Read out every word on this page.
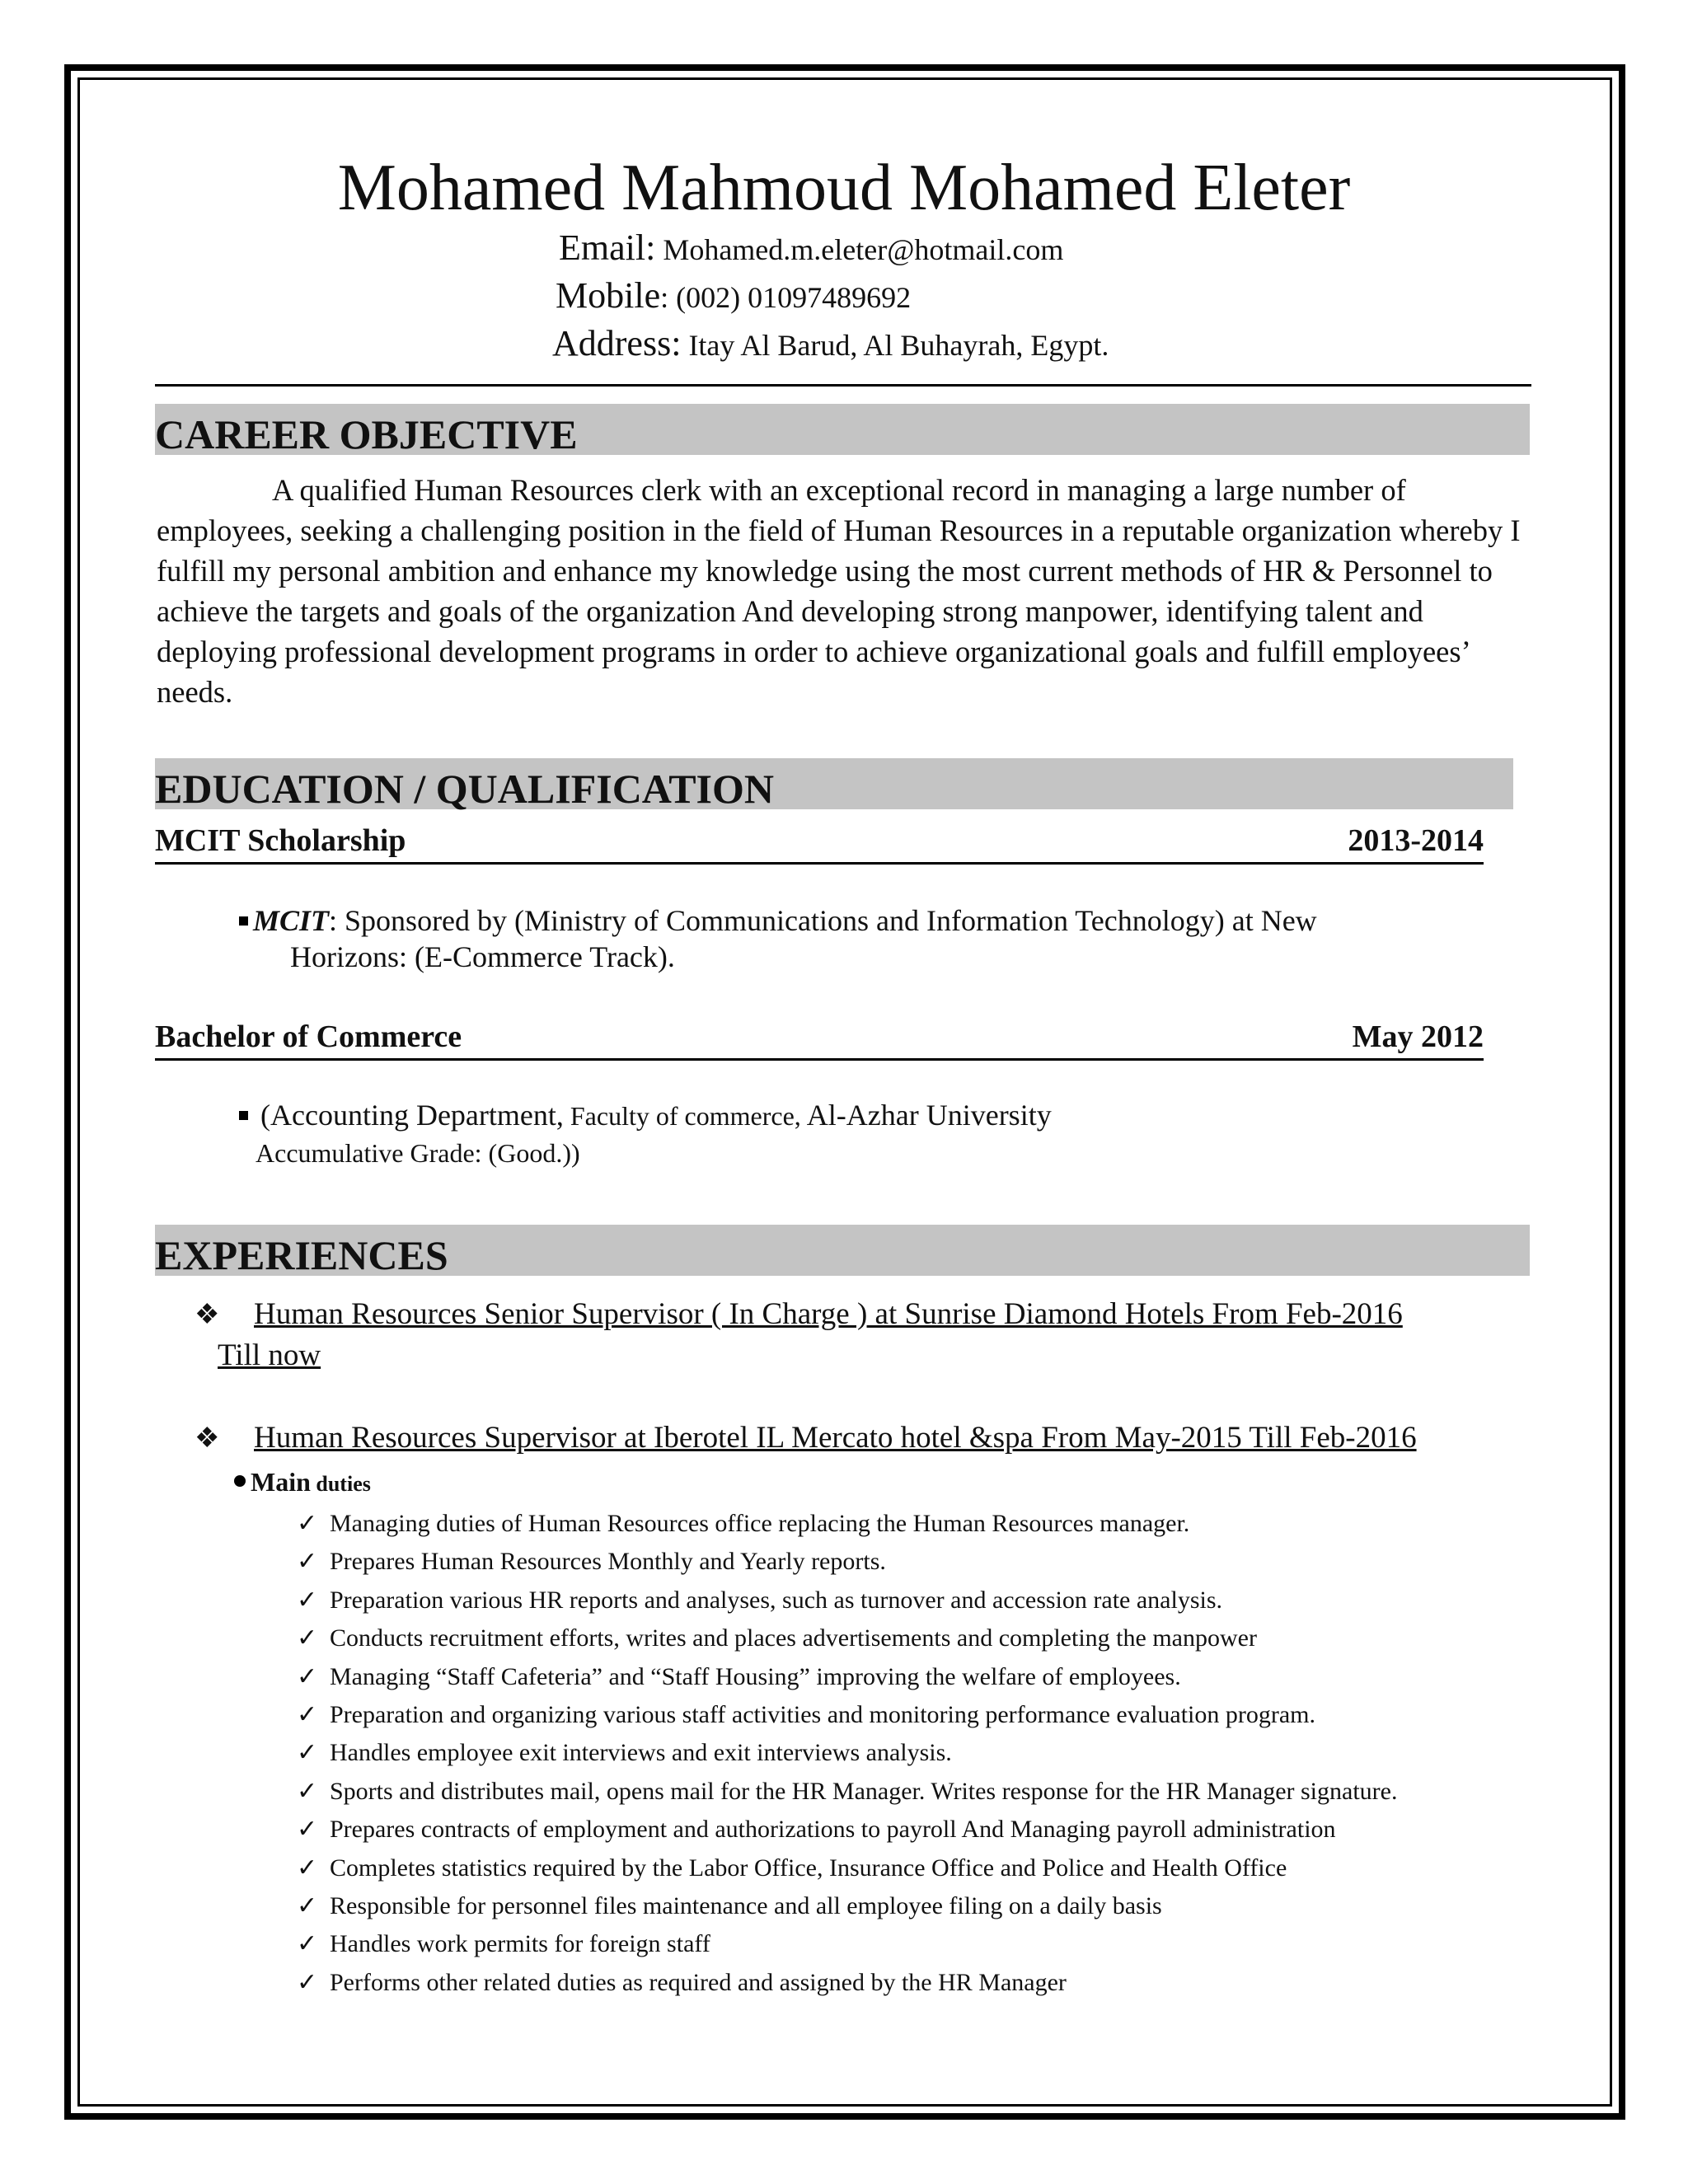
Mohamed Mahmoud Mohamed Eleter
Email: Mohamed.m.eleter@hotmail.com
Mobile: (002) 01097489692
Address: Itay Al Barud, Al Buhayrah, Egypt.
CAREER OBJECTIVE
A qualified Human Resources clerk with an exceptional record in managing a large number of employees, seeking a challenging position in the field of Human Resources in a reputable organization whereby I fulfill my personal ambition and enhance my knowledge using the most current methods of HR & Personnel to achieve the targets and goals of the organization And developing strong manpower, identifying talent and deploying professional development programs in order to achieve organizational goals and fulfill employees’ needs.
EDUCATION / QUALIFICATION
MCIT Scholarship	2013-2014
MCIT: Sponsored by (Ministry of Communications and Information Technology) at New
Horizons: (E-Commerce Track).
Bachelor of Commerce	May 2012
(Accounting Department, Faculty of commerce, Al-Azhar University
Accumulative Grade: (Good.))
EXPERIENCES
❖ Human Resources Senior Supervisor ( In Charge ) at Sunrise Diamond Hotels From Feb-2016
Till now
❖ Human Resources Supervisor at Iberotel IL Mercato hotel &spa From May-2015 Till Feb-2016
Main duties
✓ Managing duties of Human Resources office replacing the Human Resources manager.
✓ Prepares Human Resources Monthly and Yearly reports.
✓ Preparation various HR reports and analyses, such as turnover and accession rate analysis.
✓ Conducts recruitment efforts, writes and places advertisements and completing the manpower
✓ Managing “Staff Cafeteria” and “Staff Housing” improving the welfare of employees.
✓ Preparation and organizing various staff activities and monitoring performance evaluation program.
✓ Handles employee exit interviews and exit interviews analysis.
✓ Sports and distributes mail, opens mail for the HR Manager. Writes response for the HR Manager signature.
✓ Prepares contracts of employment and authorizations to payroll And Managing payroll administration
✓ Completes statistics required by the Labor Office, Insurance Office and Police and Health Office
✓ Responsible for personnel files maintenance and all employee filing on a daily basis
✓ Handles work permits for foreign staff
✓ Performs other related duties as required and assigned by the HR Manager
